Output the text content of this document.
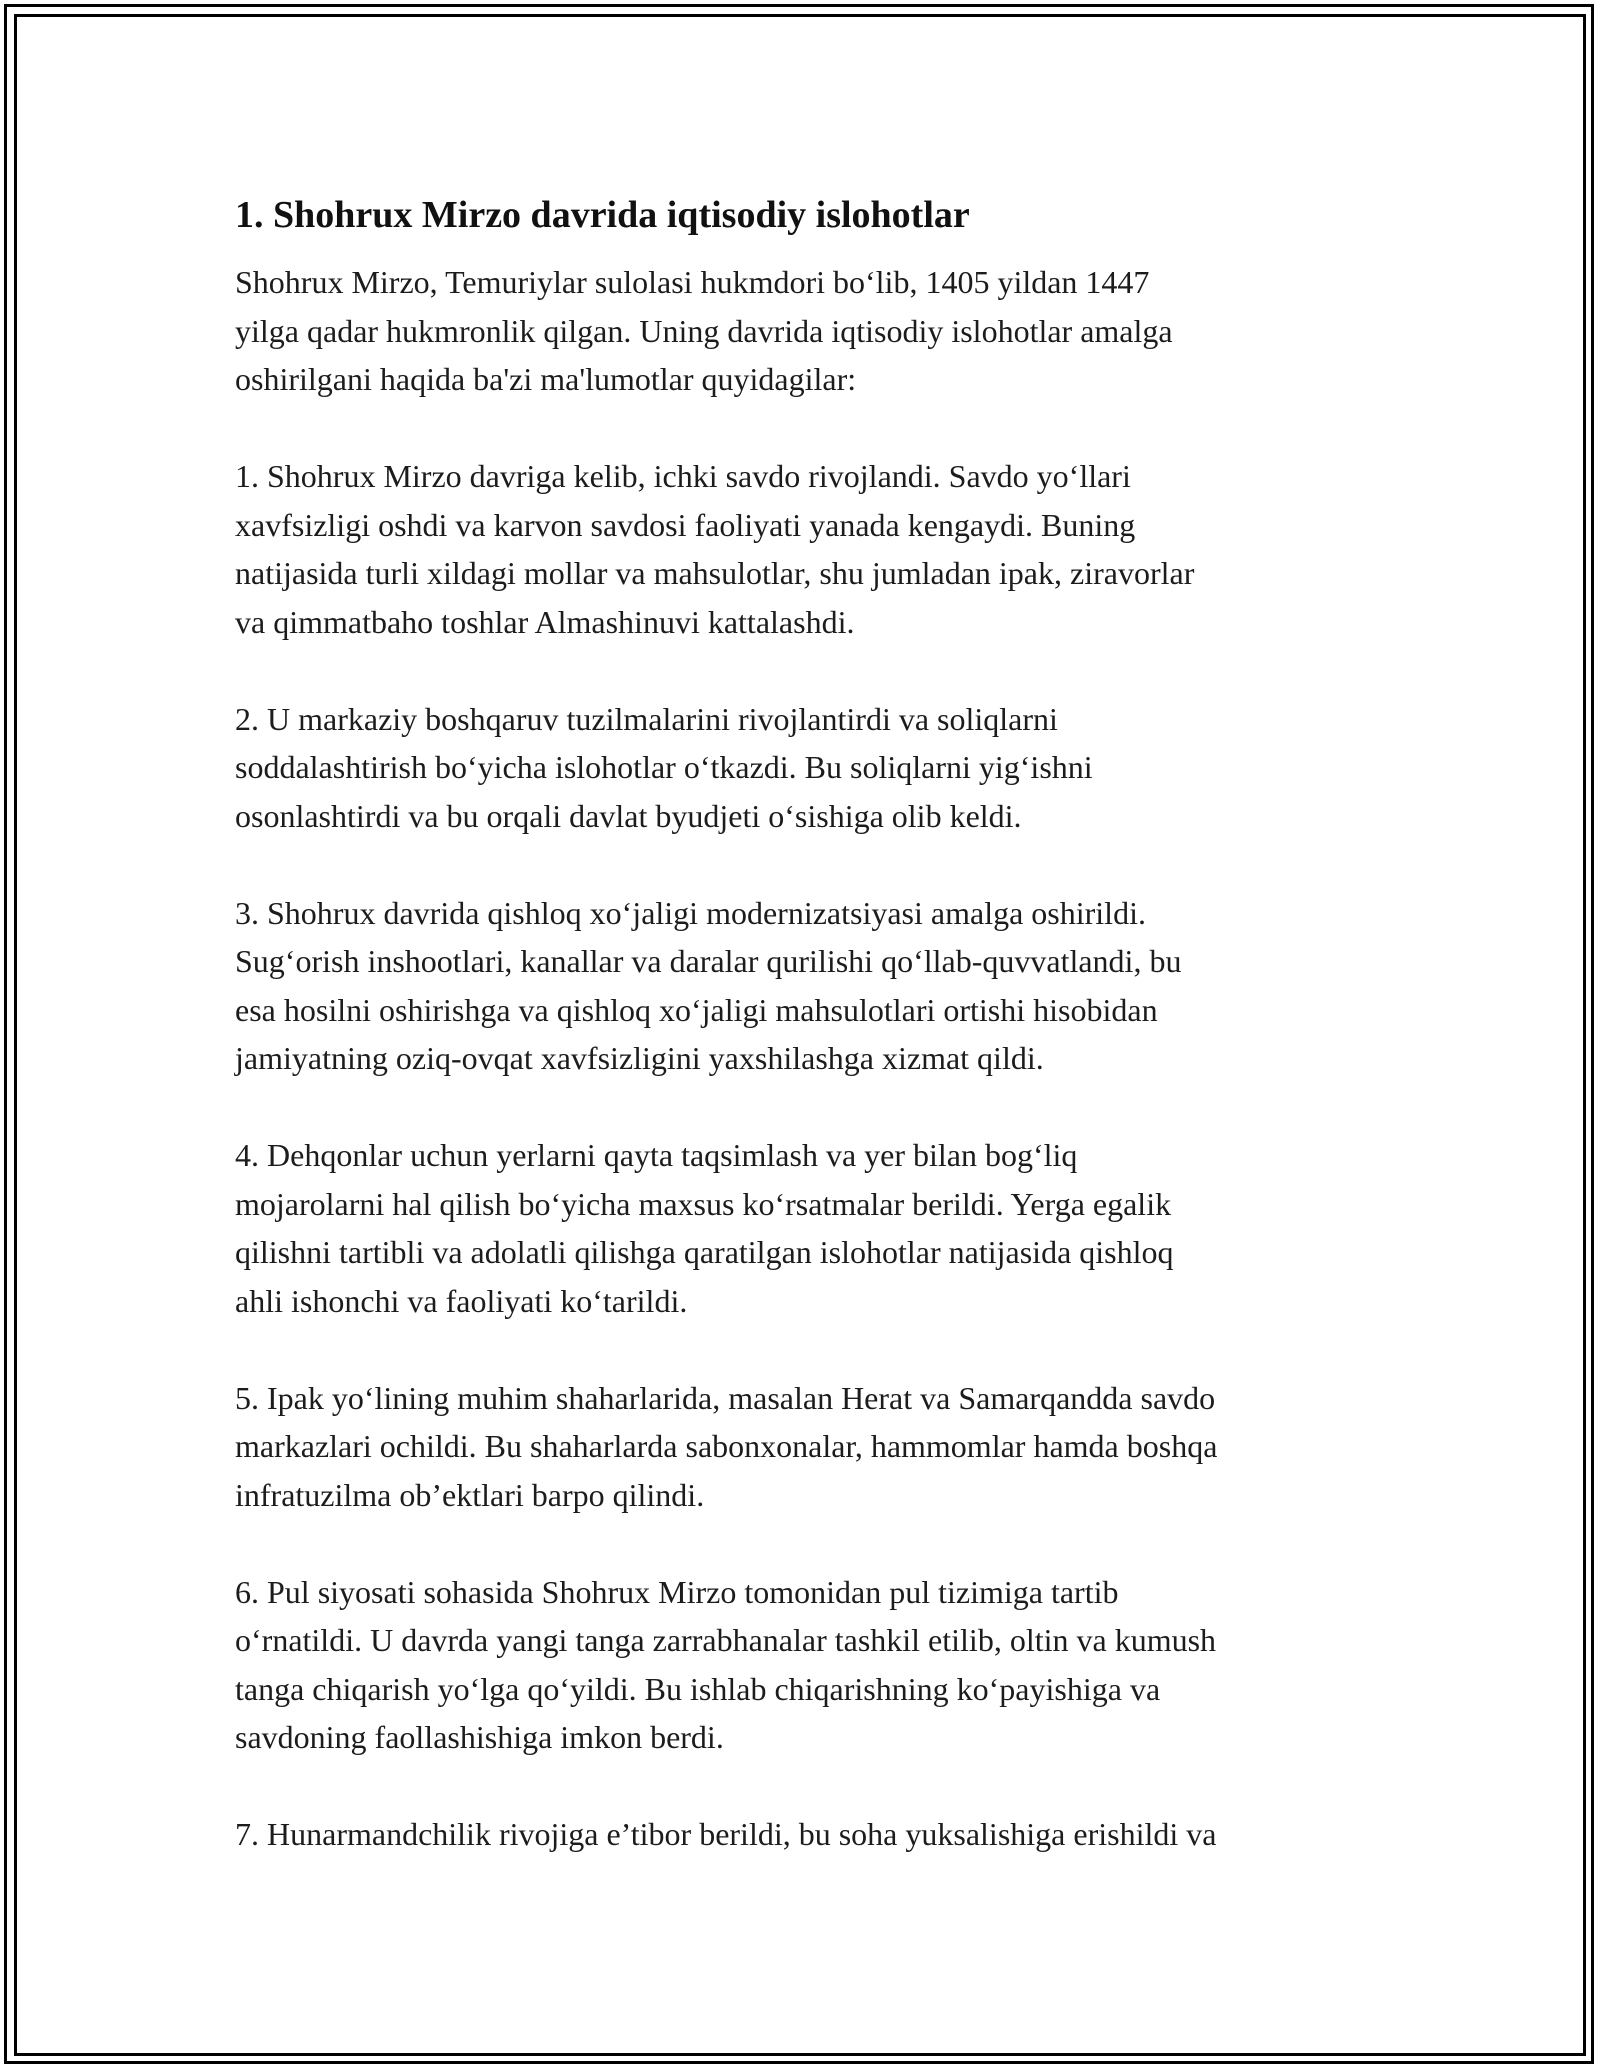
1. Shohrux Mirzo davrida iqtisodiy islohotlar

Shohrux Mirzo, Temuriylar sulolasi hukmdori bo‘lib, 1405 yildan 1447
yilga qadar hukmronlik qilgan. Uning davrida iqtisodiy islohotlar amalga
oshirilgani haqida ba'zi ma'lumotlar quyidagilar:

1. Shohrux Mirzo davriga kelib, ichki savdo rivojlandi. Savdo yo‘llari
xavfsizligi oshdi va karvon savdosi faoliyati yanada kengaydi. Buning
natijasida turli xildagi mollar va mahsulotlar, shu jumladan ipak, ziravorlar
va qimmatbaho toshlar Almashinuvi kattalashdi.

2. U markaziy boshqaruv tuzilmalarini rivojlantirdi va soliqlarni
soddalashtirish bo‘yicha islohotlar o‘tkazdi. Bu soliqlarni yig‘ishni
osonlashtirdi va bu orqali davlat byudjeti o‘sishiga olib keldi.

3. Shohrux davrida qishloq xo‘jaligi modernizatsiyasi amalga oshirildi.
Sug‘orish inshootlari, kanallar va daralar qurilishi qo‘llab-quvvatlandi, bu
esa hosilni oshirishga va qishloq xo‘jaligi mahsulotlari ortishi hisobidan
jamiyatning oziq-ovqat xavfsizligini yaxshilashga xizmat qildi.

4. Dehqonlar uchun yerlarni qayta taqsimlash va yer bilan bog‘liq
mojarolarni hal qilish bo‘yicha maxsus ko‘rsatmalar berildi. Yerga egalik
qilishni tartibli va adolatli qilishga qaratilgan islohotlar natijasida qishloq
ahli ishonchi va faoliyati ko‘tarildi.

5. Ipak yo‘lining muhim shaharlarida, masalan Herat va Samarqandda savdo
markazlari ochildi. Bu shaharlarda sabonxonalar, hammomlar hamda boshqa
infratuzilma ob’ektlari barpo qilindi.

6. Pul siyosati sohasida Shohrux Mirzo tomonidan pul tizimiga tartib
o‘rnatildi. U davrda yangi tanga zarrabhanalar tashkil etilib, oltin va kumush
tanga chiqarish yo‘lga qo‘yildi. Bu ishlab chiqarishning ko‘payishiga va
savdoning faollashishiga imkon berdi.

7. Hunarmandchilik rivojiga e’tibor berildi, bu soha yuksalishiga erishildi va
